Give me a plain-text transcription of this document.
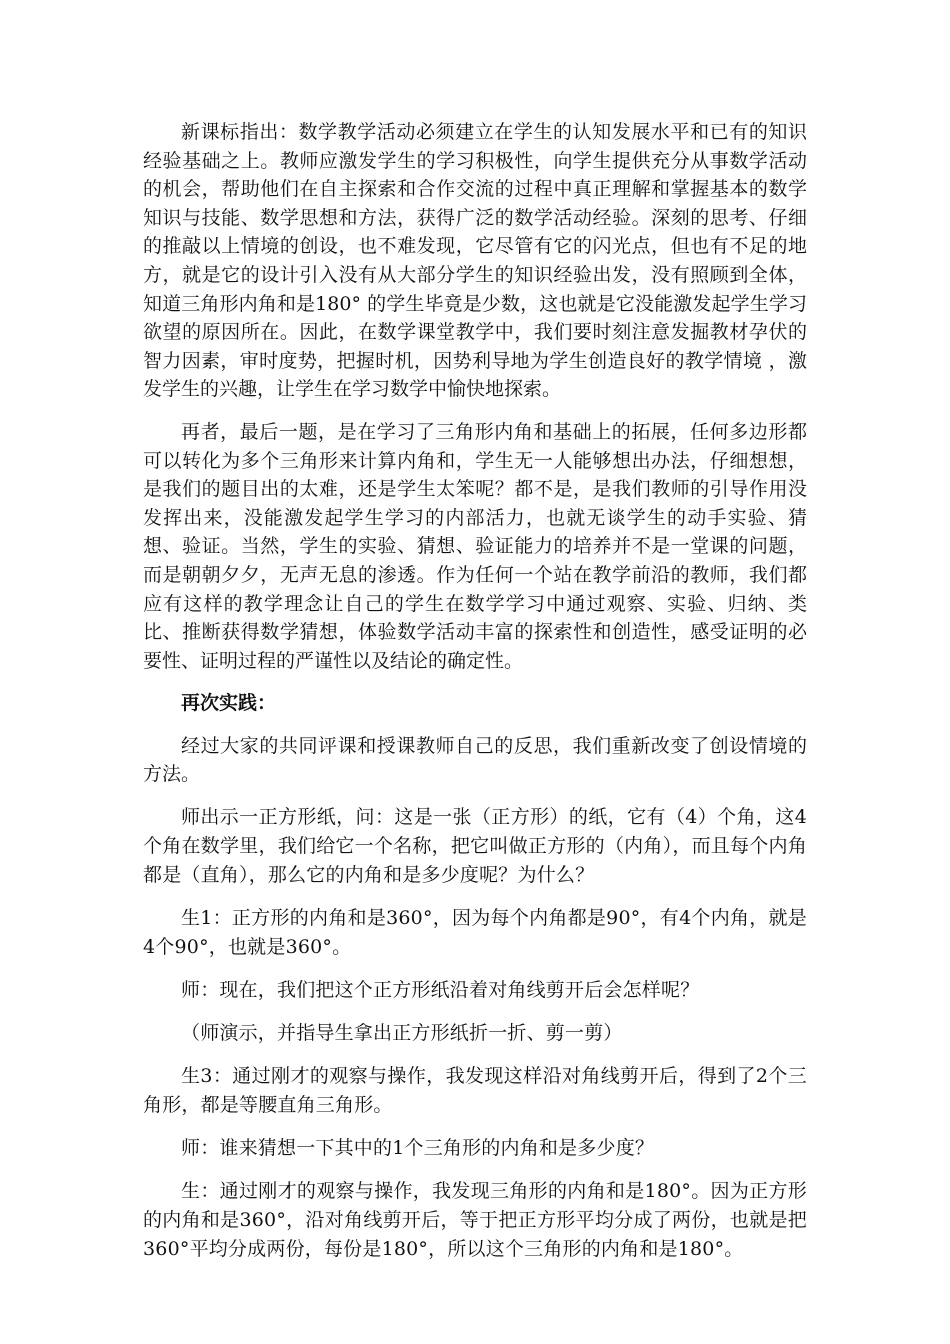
新课标指出：数学教学活动必须建立在学生的认知发展水平和已有的知识经验基础之上。教师应激发学生的学习积极性，向学生提供充分从事数学活动的机会，帮助他们在自主探索和合作交流的过程中真正理解和掌握基本的数学知识与技能、数学思想和方法，获得广泛的数学活动经验。深刻的思考、仔细的推敲以上情境的创设，也不难发现，它尽管有它的闪光点，但也有不足的地方，就是它的设计引入没有从大部分学生的知识经验出发，没有照顾到全体，知道三角形内角和是180° 的学生毕竟是少数，这也就是它没能激发起学生学习欲望的原因所在。因此，在数学课堂教学中，我们要时刻注意发掘教材孕伏的智力因素，审时度势，把握时机，因势利导地为学生创造良好的教学情境 ，激发学生的兴趣，让学生在学习数学中愉快地探索。

再者，最后一题，是在学习了三角形内角和基础上的拓展，任何多边形都可以转化为多个三角形来计算内角和，学生无一人能够想出办法，仔细想想，是我们的题目出的太难，还是学生太笨呢？都不是，是我们教师的引导作用没发挥出来，没能激发起学生学习的内部活力，也就无谈学生的动手实验、猜想、验证。当然，学生的实验、猜想、验证能力的培养并不是一堂课的问题，而是朝朝夕夕，无声无息的渗透。作为任何一个站在教学前沿的教师，我们都应有这样的教学理念让自己的学生在数学学习中通过观察、实验、归纳、类比、推断获得数学猜想，体验数学活动丰富的探索性和创造性，感受证明的必要性、证明过程的严谨性以及结论的确定性。

再次实践：

经过大家的共同评课和授课教师自己的反思，我们重新改变了创设情境的方法。

师出示一正方形纸，问：这是一张（正方形）的纸，它有（4）个角，这4个角在数学里，我们给它一个名称，把它叫做正方形的（内角），而且每个内角都是（直角），那么它的内角和是多少度呢？为什么？

生1：正方形的内角和是360°，因为每个内角都是90°，有4个内角，就是4个90°，也就是360°。

师：现在，我们把这个正方形纸沿着对角线剪开后会怎样呢？

（师演示，并指导生拿出正方形纸折一折、剪一剪）

生3：通过刚才的观察与操作，我发现这样沿对角线剪开后，得到了2个三角形，都是等腰直角三角形。

师：谁来猜想一下其中的1个三角形的内角和是多少度？

生：通过刚才的观察与操作，我发现三角形的内角和是180°。因为正方形的内角和是360°，沿对角线剪开后，等于把正方形平均分成了两份，也就是把360°平均分成两份，每份是180°，所以这个三角形的内角和是180°。
